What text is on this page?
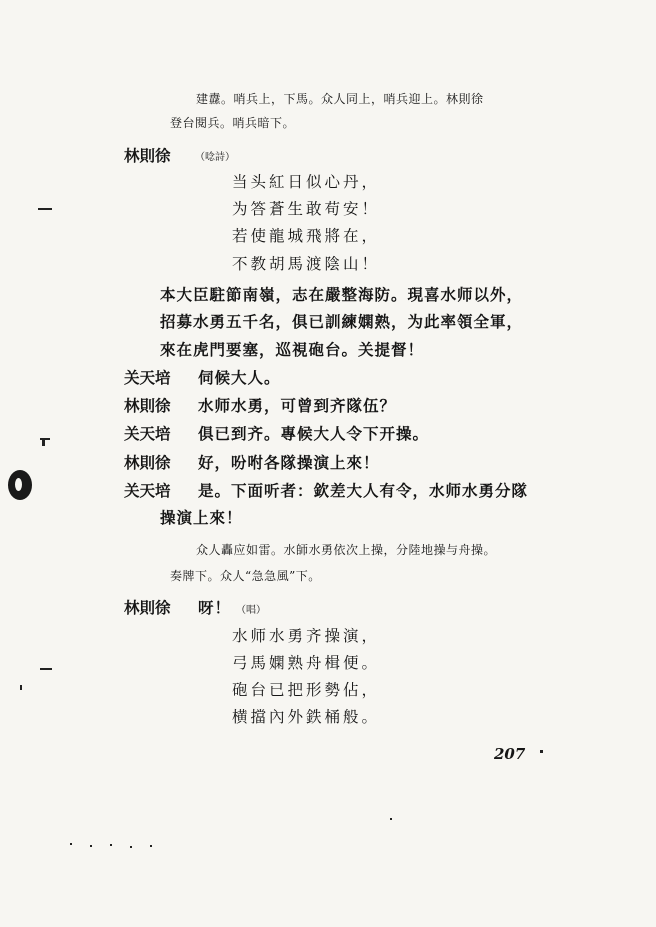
建纛。哨兵上，下馬。众人同上，哨兵迎上。林則徐
登台閱兵。哨兵暗下。
林則徐 （唸詩）
当头紅日似心丹，
为答蒼生敢苟安！
若使龍城飛將在，
不教胡馬渡陰山！
本大臣駐節南嶺，志在嚴整海防。現喜水师以外，
招募水勇五千名，俱已訓練嫻熟，为此率領全軍，
來在虎門要塞，巡視砲台。关提督！
关天培 伺候大人。
林則徐 水师水勇，可曾到齐隊伍？
关天培 俱已到齐。專候大人令下开操。
林則徐 好，吩咐各隊操演上來！
关天培 是。下面听者：欽差大人有令，水师水勇分隊
操演上來！
众人轟应如雷。水師水勇依次上操，分陸地操与舟操。
奏牌下。众人“急急風”下。
林則徐 呀！ （唱）
水师水勇齐操演，
弓馬嫻熟舟楫便。
砲台已把形勢佔，
横擋內外鉄桶般。
207
